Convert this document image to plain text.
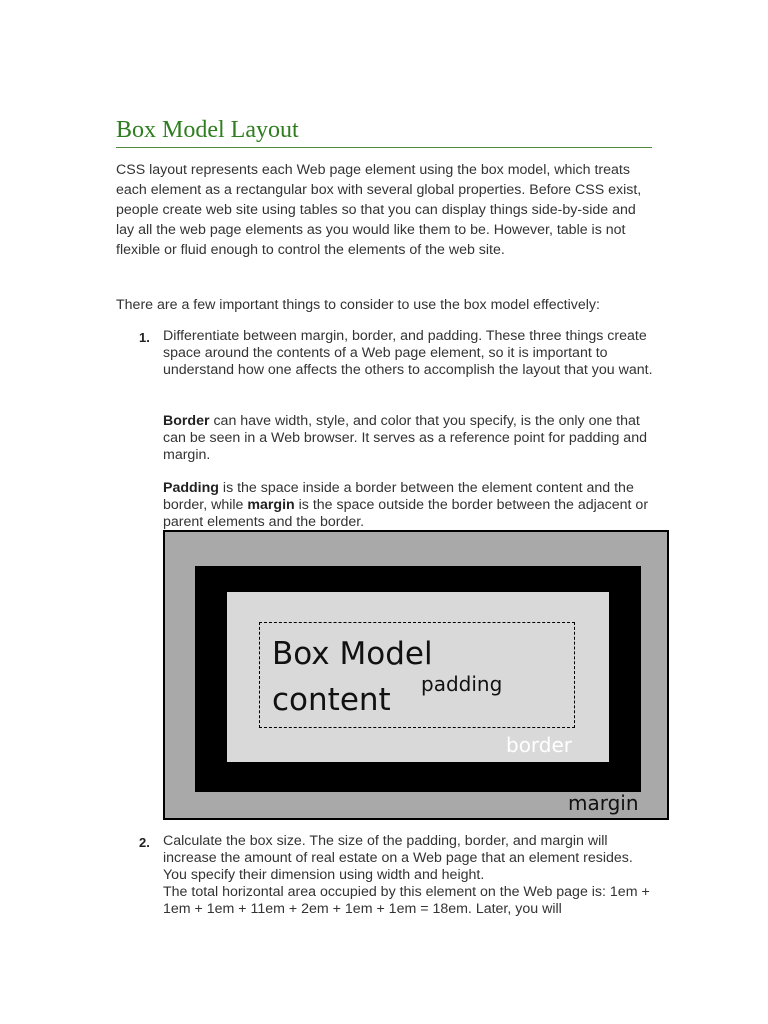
Box Model Layout

CSS layout represents each Web page element using the box model, which treats each element as a rectangular box with several global properties. Before CSS exist, people create web site using tables so that you can display things side-by-side and lay all the web page elements as you would like them to be. However, table is not flexible or fluid enough to control the elements of the web site.

There are a few important things to consider to use the box model effectively:

1. Differentiate between margin, border, and padding. These three things create space around the contents of a Web page element, so it is important to understand how one affects the others to accomplish the layout that you want.

Border can have width, style, and color that you specify, is the only one that can be seen in a Web browser. It serves as a reference point for padding and margin.

Padding is the space inside a border between the element content and the border, while margin is the space outside the border between the adjacent or parent elements and the border.

Box Model
content	padding
border
margin
2. Calculate the box size. The size of the padding, border, and margin will increase the amount of real estate on a Web page that an element resides. You specify their dimension using width and height.
The total horizontal area occupied by this element on the Web page is: 1em + 1em + 1em + 11em + 2em + 1em + 1em = 18em. Later, you will
